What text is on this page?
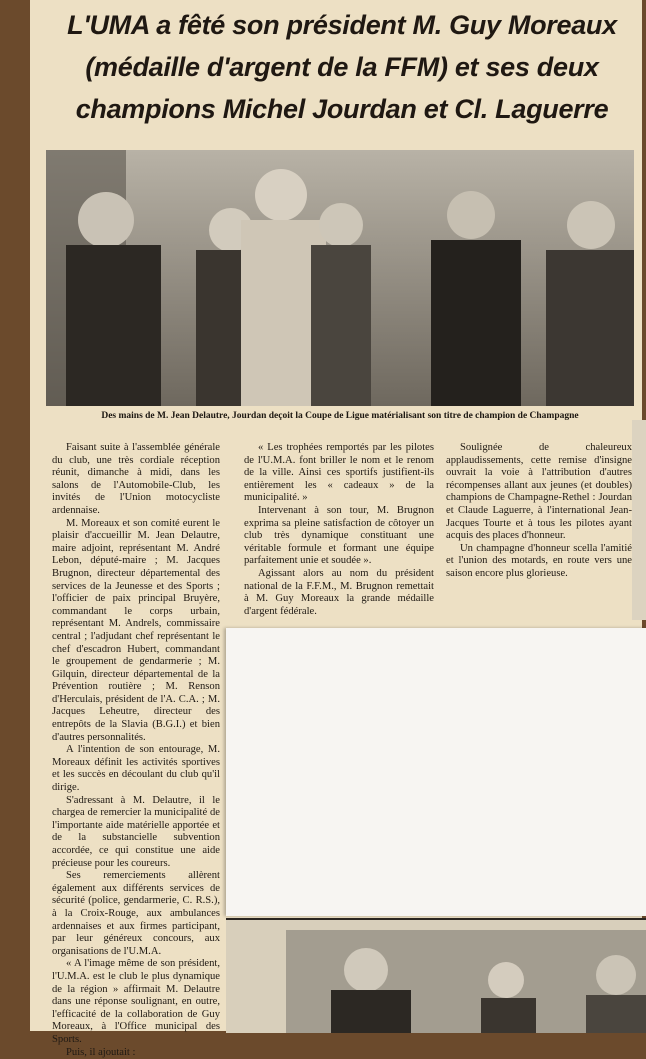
L'UMA a fêté son président M. Guy Moreaux
(médaille d'argent de la FFM) et ses deux
champions Michel Jourdan et Cl. Laguerre
Des mains de M. Jean Delautre, Jourdan deçoit la Coupe de Ligue matérialisant son titre de champion de Champagne

Faisant suite à l'assemblée générale du club, une très cordiale réception réunit, dimanche à midi, dans les salons de l'Automobile-Club, les invités de l'Union motocycliste ardennaise.

M. Moreaux et son comité eurent le plaisir d'accueillir M. Jean Delautre, maire adjoint, représentant M. André Lebon, député-maire ; M. Jacques Brugnon, directeur départemental des services de la Jeunesse et des Sports ; l'officier de paix principal Bruyère, commandant le corps urbain, représentant M. Andrels, commissaire central ; l'adjudant chef représentant le chef d'escadron Hubert, commandant le groupement de gendarmerie ; M. Gilquin, directeur départemental de la Prévention routière ; M. Renson d'Herculais, président de l'A. C.A. ; M. Jacques Leheutre, directeur des entrepôts de la Slavia (B.G.I.) et bien d'autres personnalités.

A l'intention de son entourage, M. Moreaux définit les activités sportives et les succès en découlant du club qu'il dirige.

S'adressant à M. Delautre, il le chargea de remercier la municipalité de l'importante aide matérielle apportée et de la substancielle subvention accordée, ce qui constitue une aide précieuse pour les coureurs.

Ses remerciements allèrent également aux différents services de sécurité (police, gendarmerie, C. R.S.), à la Croix-Rouge, aux ambulances ardennaises et aux firmes participant, par leur généreux concours, aux organisations de l'U.M.A.

« A l'image même de son président, l'U.M.A. est le club le plus dynamique de la région » affirmait M. Delautre dans une réponse soulignant, en outre, l'efficacité de la collaboration de Guy Moreaux, à l'Office municipal des Sports.

Puis, il ajoutait :

« Les trophées remportés par les pilotes de l'U.M.A. font briller le nom et le renom de la ville. Ainsi ces sportifs justifient-ils entièrement les « cadeaux » de la municipalité. »

Intervenant à son tour, M. Brugnon exprima sa pleine satisfaction de côtoyer un club très dynamique constituant une véritable formule et formant une équipe parfaitement unie et soudée ».

Agissant alors au nom du président national de la F.F.M., M. Brugnon remettait à M. Guy Moreaux la grande médaille d'argent fédérale.

Soulignée de chaleureux applaudissements, cette remise d'insigne ouvrait la voie à l'attribution d'autres récompenses allant aux jeunes (et doubles) champions de Champagne-Rethel : Jourdan et Claude Laguerre, à l'international Jean-Jacques Tourte et à tous les pilotes ayant acquis des places d'honneur.

Un champagne d'honneur scella l'amitié et l'union des motards, en route vers une saison encore plus glorieuse.
